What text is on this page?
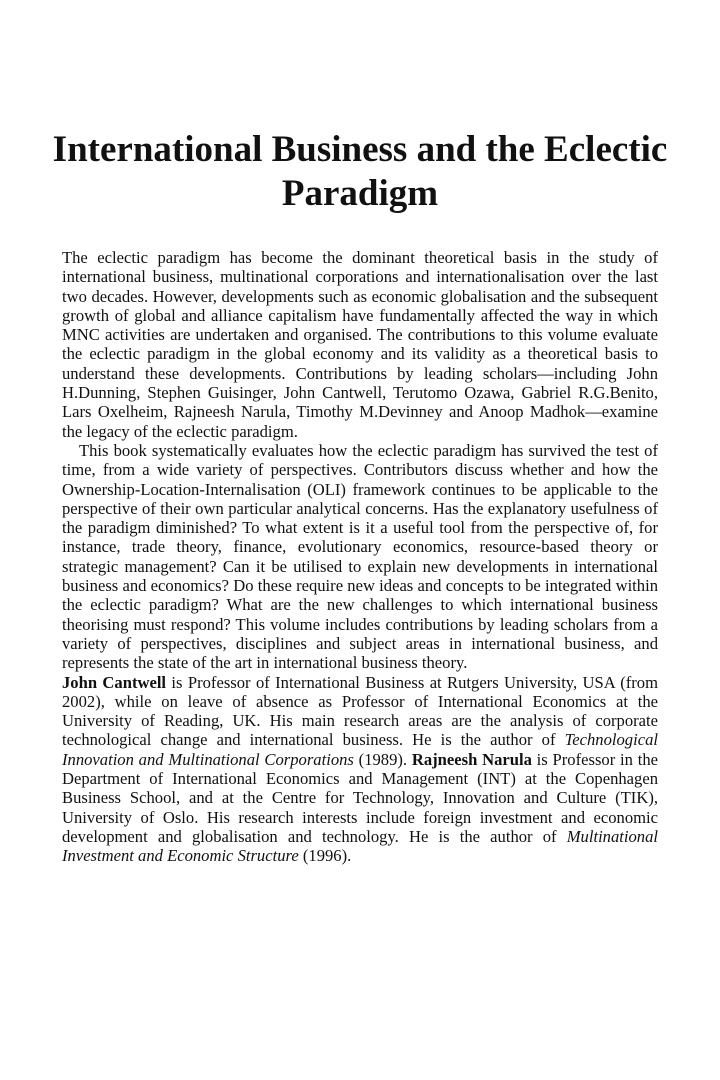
International Business and the Eclectic
Paradigm
The eclectic paradigm has become the dominant theoretical basis in the study of
international business, multinational corporations and internationalisation over the last
two decades. However, developments such as economic globalisation and the subsequent
growth of global and alliance capitalism have fundamentally affected the way in which
MNC activities are undertaken and organised. The contributions to this volume evaluate
the eclectic paradigm in the global economy and its validity as a theoretical basis to
understand these developments. Contributions by leading scholars—including John
H.Dunning, Stephen Guisinger, John Cantwell, Terutomo Ozawa, Gabriel R.G.Benito,
Lars Oxelheim, Rajneesh Narula, Timothy M.Devinney and Anoop Madhok—examine
the legacy of the eclectic paradigm.
This book systematically evaluates how the eclectic paradigm has survived the test of
time, from a wide variety of perspectives. Contributors discuss whether and how the
Ownership-Location-Internalisation (OLI) framework continues to be applicable to the
perspective of their own particular analytical concerns. Has the explanatory usefulness of
the paradigm diminished? To what extent is it a useful tool from the perspective of, for
instance, trade theory, finance, evolutionary economics, resource-based theory or
strategic management? Can it be utilised to explain new developments in international
business and economics? Do these require new ideas and concepts to be integrated within
the eclectic paradigm? What are the new challenges to which international business
theorising must respond? This volume includes contributions by leading scholars from a
variety of perspectives, disciplines and subject areas in international business, and
represents the state of the art in international business theory.
John Cantwell is Professor of International Business at Rutgers University, USA (from
2002), while on leave of absence as Professor of International Economics at the
University of Reading, UK. His main research areas are the analysis of corporate
technological change and international business. He is the author of Technological
Innovation and Multinational Corporations (1989). Rajneesh Narula is Professor in the
Department of International Economics and Management (INT) at the Copenhagen
Business School, and at the Centre for Technology, Innovation and Culture (TIK),
University of Oslo. His research interests include foreign investment and economic
development and globalisation and technology. He is the author of Multinational
Investment and Economic Structure (1996).
